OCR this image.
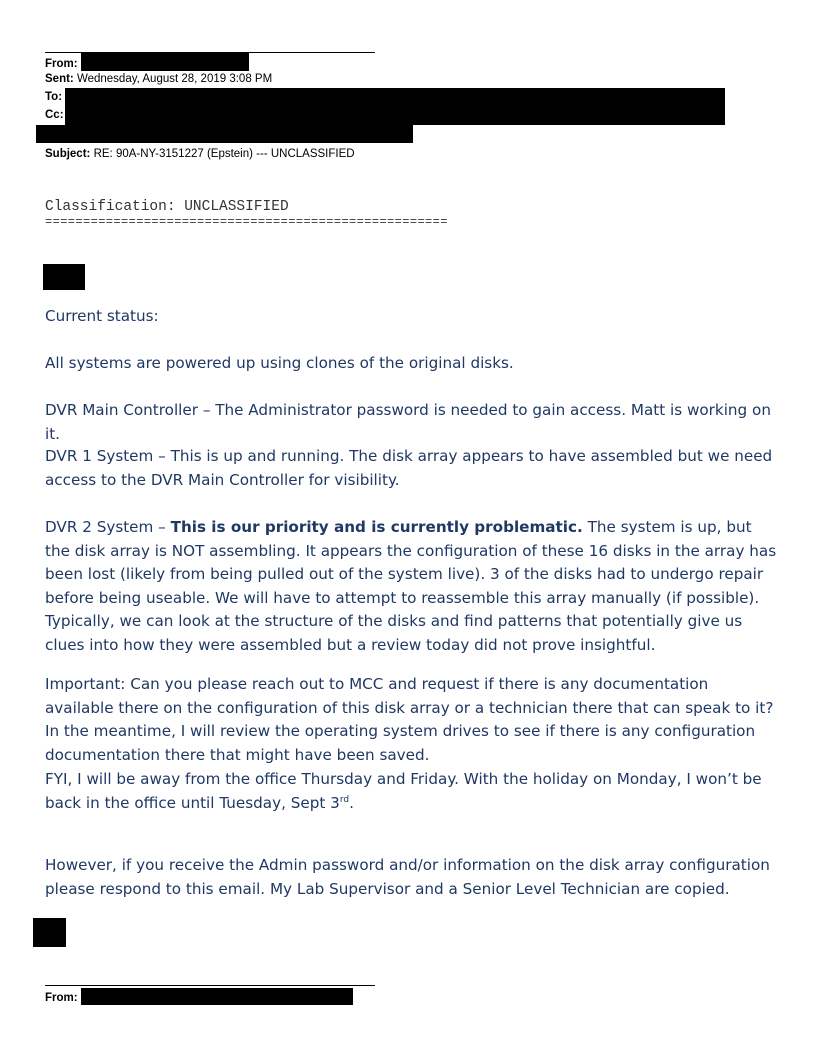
From:
Sent: Wednesday, August 28, 2019 3:08 PM
To:
Cc:
Subject: RE: 90A-NY-3151227 (Epstein) --- UNCLASSIFIED
Classification: UNCLASSIFIED
=====================================================

Current status:

All systems are powered up using clones of the original disks.

DVR Main Controller – The Administrator password is needed to gain access. Matt is working on it.

DVR 1 System – This is up and running. The disk array appears to have assembled but we need access to the DVR Main Controller for visibility.

DVR 2 System – This is our priority and is currently problematic. The system is up, but the disk array is NOT assembling. It appears the configuration of these 16 disks in the array has been lost (likely from being pulled out of the system live). 3 of the disks had to undergo repair before being useable. We will have to attempt to reassemble this array manually (if possible). Typically, we can look at the structure of the disks and find patterns that potentially give us clues into how they were assembled but a review today did not prove insightful.

Important: Can you please reach out to MCC and request if there is any documentation available there on the configuration of this disk array or a technician there that can speak to it? In the meantime, I will review the operating system drives to see if there is any configuration documentation there that might have been saved.

FYI, I will be away from the office Thursday and Friday. With the holiday on Monday, I won’t be back in the office until Tuesday, Sept 3rd.

However, if you receive the Admin password and/or information on the disk array configuration please respond to this email. My Lab Supervisor and a Senior Level Technician are copied.

From:
